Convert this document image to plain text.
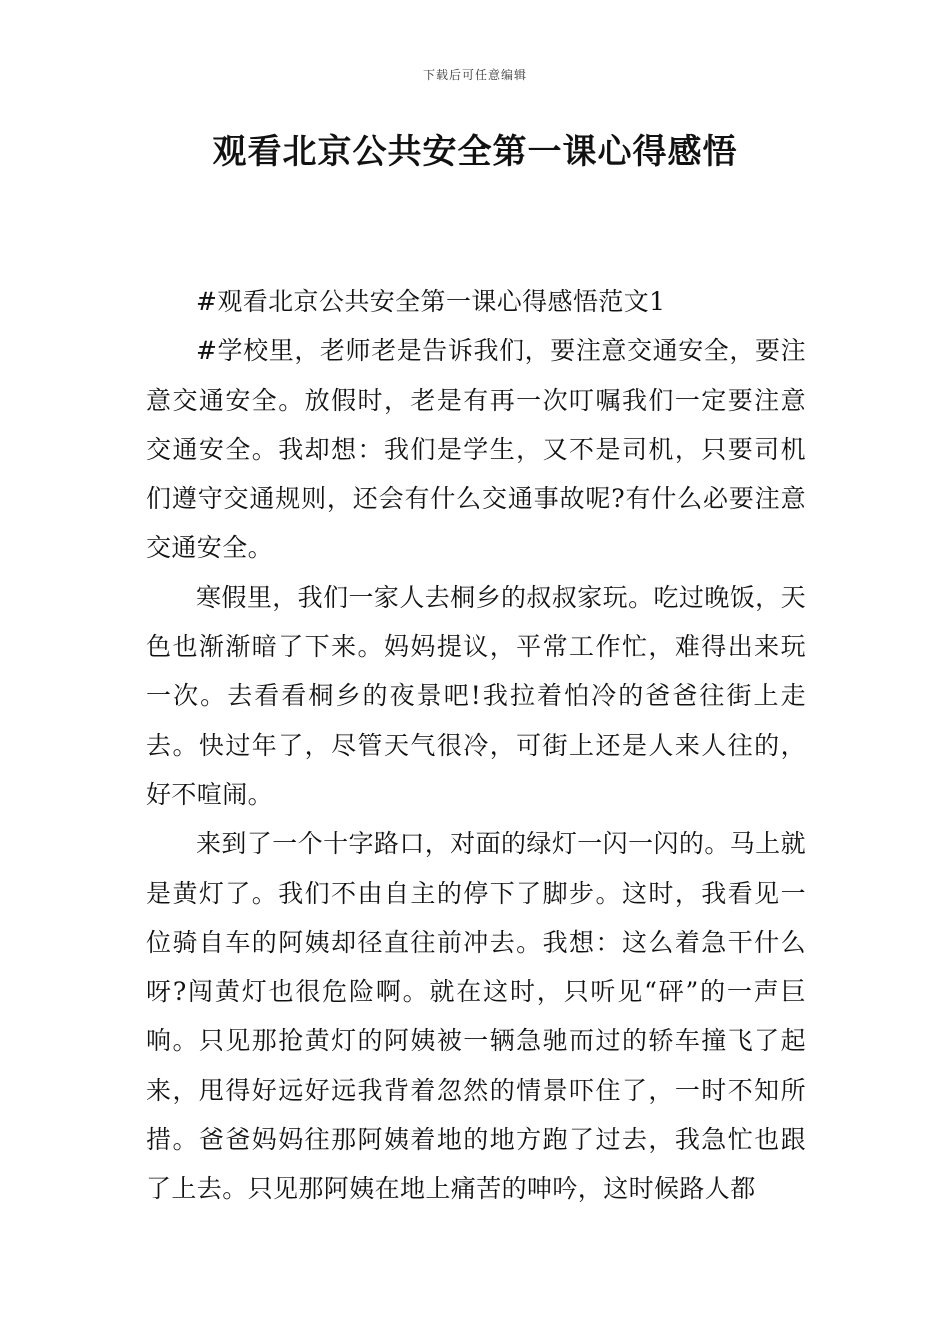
下载后可任意编辑
观看北京公共安全第一课心得感悟

#观看北京公共安全第一课心得感悟范文1

#学校里，老师老是告诉我们，要注意交通安全，要注意交通安全。放假时，老是有再一次叮嘱我们一定要注意交通安全。我却想：我们是学生，又不是司机，只要司机们遵守交通规则，还会有什么交通事故呢?有什么必要注意交通安全。

寒假里，我们一家人去桐乡的叔叔家玩。吃过晚饭，天色也渐渐暗了下来。妈妈提议，平常工作忙，难得出来玩一次。去看看桐乡的夜景吧!我拉着怕冷的爸爸往街上走去。快过年了，尽管天气很冷，可街上还是人来人往的，好不喧闹。

来到了一个十字路口，对面的绿灯一闪一闪的。马上就是黄灯了。我们不由自主的停下了脚步。这时，我看见一位骑自车的阿姨却径直往前冲去。我想：这么着急干什么呀?闯黄灯也很危险啊。就在这时，只听见“砰”的一声巨响。只见那抢黄灯的阿姨被一辆急驰而过的轿车撞飞了起来，甩得好远好远我背着忽然的情景吓住了，一时不知所措。爸爸妈妈往那阿姨着地的地方跑了过去，我急忙也跟了上去。只见那阿姨在地上痛苦的呻吟，这时候路人都
